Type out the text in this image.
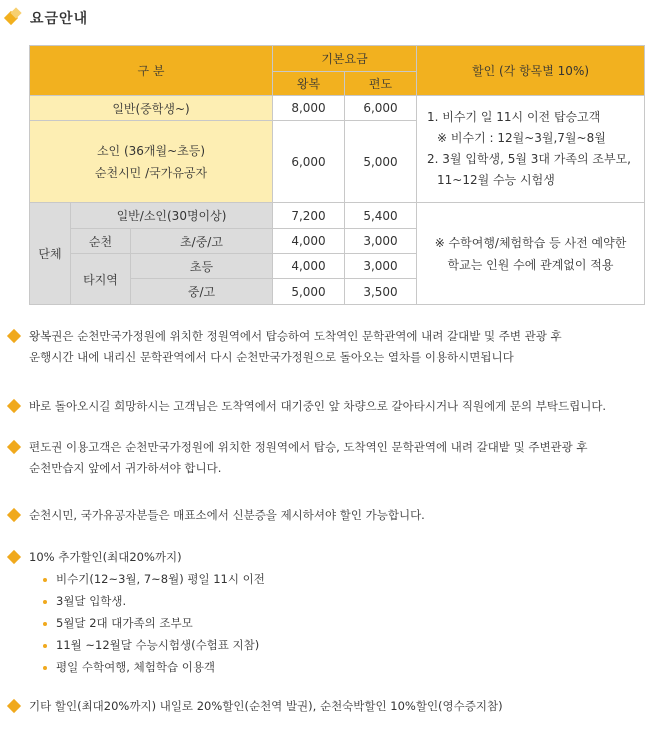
요금안내
구 분			기본요금		할인 (각 항목별 10%)
			왕복	편도	
일반(중학생~)			8,000	6,000	1. 비수기 일 11시 이전 탑승고객
※ 비수기 : 12월~3월,7월~8월
2. 3월 입학생, 5월 3대 가족의 조부모,
11~12월 수능 시험생

소인 (36개월~초등)
순천시민 /국가유공자			6,000	5,000	
단체	일반/소인(30명이상)		7,200	5,400	※ 수학여행/체험학습 등 사전 예약한
학교는 인원 수에 관계없이 적용

	순천	초/중/고	4,000	3,000	
	타지역	초등	4,000	3,000	
		중/고	5,000	3,500	
왕복권은 순천만국가정원에 위치한 정원역에서 탑승하여 도착역인 문학관역에 내려 갈대밭 및 주변 관광 후
운행시간 내에 내리신 문학관역에서 다시 순천만국가정원으로 돌아오는 열차를 이용하시면됩니다
바로 돌아오시길 희망하시는 고객님은 도착역에서 대기중인 앞 차량으로 갈아타시거나 직원에게 문의 부탁드립니다.
편도권 이용고객은 순천만국가정원에 위치한 정원역에서 탑승, 도착역인 문학관역에 내려 갈대밭 및 주변관광 후
순천만습지 앞에서 귀가하셔야 합니다.
순천시민, 국가유공자분들은 매표소에서 신분증을 제시하셔야 할인 가능합니다.
10% 추가할인(최대20%까지)
비수기(12~3월, 7~8월) 평일 11시 이전
3월달 입학생.
5월달 2대 대가족의 조부모
11월 ~12월달 수능시험생(수험표 지참)
평일 수학여행, 체험학습 이용객
기타 할인(최대20%까지) 내일로 20%할인(순천역 발권), 순천숙박할인 10%할인(영수증지참)
